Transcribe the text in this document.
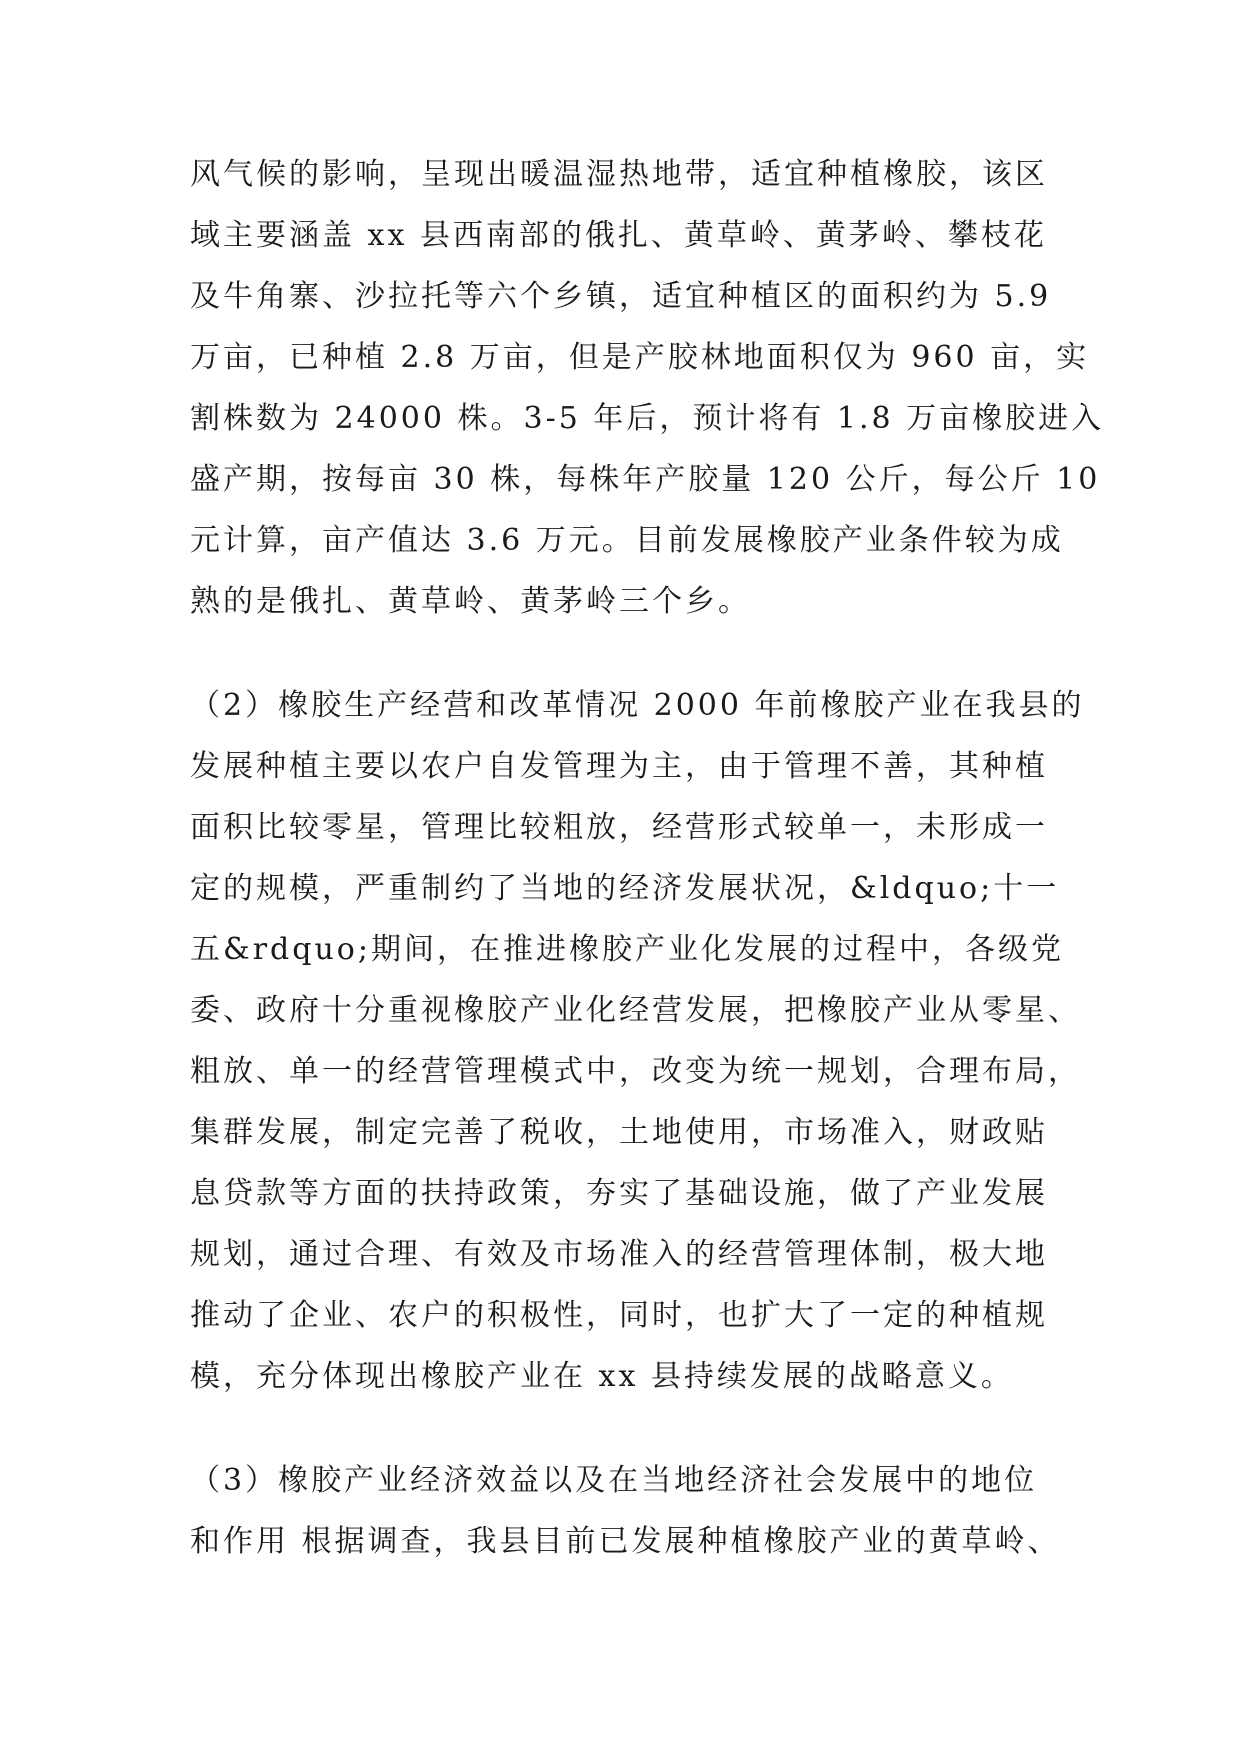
风气候的影响，呈现出暖温湿热地带，适宜种植橡胶，该区

域主要涵盖 xx 县西南部的俄扎、黄草岭、黄茅岭、攀枝花

及牛角寨、沙拉托等六个乡镇，适宜种植区的面积约为 5.9

万亩，已种植 2.8 万亩，但是产胶林地面积仅为 960 亩，实

割株数为 24000 株。3-5 年后，预计将有 1.8 万亩橡胶进入

盛产期，按每亩 30 株，每株年产胶量 120 公斤，每公斤 10

元计算，亩产值达 3.6 万元。目前发展橡胶产业条件较为成

熟的是俄扎、黄草岭、黄茅岭三个乡。

（2）橡胶生产经营和改革情况 2000 年前橡胶产业在我县的

发展种植主要以农户自发管理为主，由于管理不善，其种植

面积比较零星，管理比较粗放，经营形式较单一，未形成一

定的规模，严重制约了当地的经济发展状况，&ldquo;十一

五&rdquo;期间，在推进橡胶产业化发展的过程中，各级党

委、政府十分重视橡胶产业化经营发展，把橡胶产业从零星、

粗放、单一的经营管理模式中，改变为统一规划，合理布局，

集群发展，制定完善了税收，土地使用，市场准入，财政贴

息贷款等方面的扶持政策，夯实了基础设施，做了产业发展

规划，通过合理、有效及市场准入的经营管理体制，极大地

推动了企业、农户的积极性，同时，也扩大了一定的种植规

模，充分体现出橡胶产业在 xx 县持续发展的战略意义。

（3）橡胶产业经济效益以及在当地经济社会发展中的地位

和作用 根据调查，我县目前已发展种植橡胶产业的黄草岭、
